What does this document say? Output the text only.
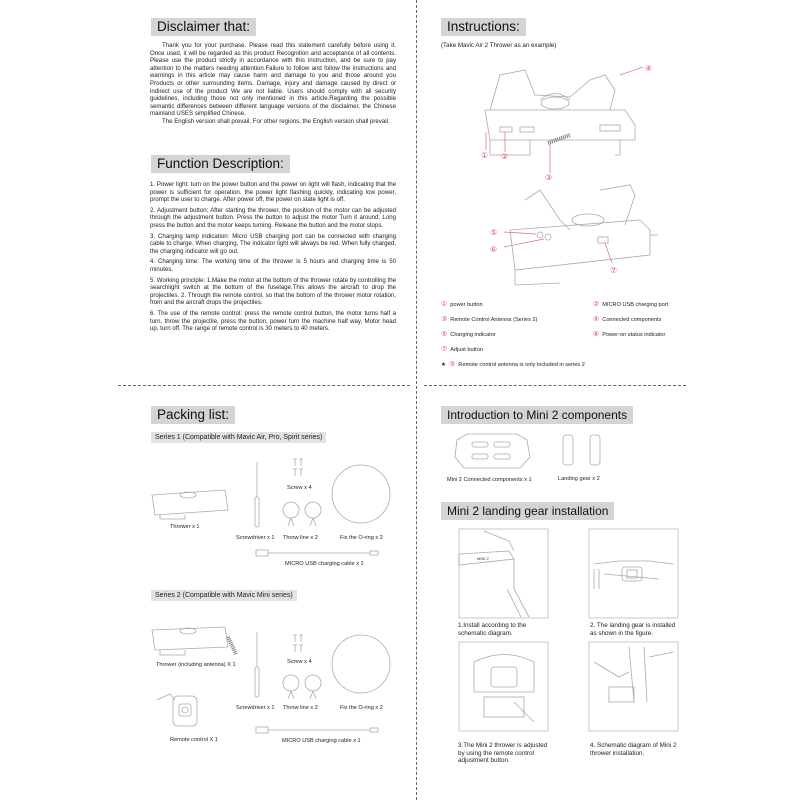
Disclaimer that:

Thank you for your purchase. Please read this statement carefully before using it. Once used, it will be regarded as this product Recognition and acceptance of all contents. Please use the product strictly in accordance with this instruction, and be sure to pay attention to the matters needing attention.Failure to follow and follow the instructions and warnings in this article may cause harm and damage to you and those around you Products or other surrounding items. Damage, injury and damage caused by direct or indirect use of the product We are not liable. Users should comply with all security guidelines, including those not only mentioned in this article.Regarding the possible semantic differences between different language versions of the disclaimer, the Chinese mainland USES simplified Chinese.

The English version shall prevail. For other regions, the English version shall prevail.

Function Description:

1. Power light: turn on the power button and the power on light will flash, indicating that the power is sufficient for operation. the power light flashing quickly, indicating low power, prompt the user to charge. After power off, the power on state light is off.

2. Adjustment button: After starting the thrower, the position of the motor can be adjusted through the adjustment button. Press the button to adjust the motor Turn it around; Long press the button and the motor keeps turning. Release the button and the motor stops.

3. Charging lamp indication: Micro USB charging port can be connected with charging cable to charge. When charging, The indicator light will always be red. When fully charged, the charging indicator will go out.

4. Charging time: The working time of the thrower is 5 hours and charging time is 50 minutes.

5. Working principle: 1.Make the motor at the bottom of the thrower rotate by controlling the searchlight switch at the bottom of the fuselage.This allows the aircraft to drop the projectiles. 2. Through the remote control, so that the bottom of the thrower motor rotation, from and the aircraft drops the projectiles.

6. The use of the remote control: press the remote control button, the motor turns half a turn, throw the projectile, press the button, power turn the machine half way, Motor head up, turn off. The range of remote control is 30 meters to 40 meters.

Instructions:
(Take Mavic Air 2 Thrower as an example)
④
① ②
③
⑤
⑥
⑦
① power button	② MICRO USB charging port
③ Remote Control Antenna (Series 2)	④ Connected components
⑤ Charging indicator	⑥ Power-on status indicator
⑦ Adjust button
★ ③ Remote control antenna is only included in series 2
Packing list:
Series 1 (Compatible with Mavic Air, Pro, Spirit series)
Thrower x 1
Screwdriver x 1
Screw x 4
Throw line x 2	Fix the O-ring x 2
MICRO USB charging cable x 1
Series 2 (Compatible with Mavic Mini series)
Thrower (including antenna) X 1
Screwdriver x 1
Screw x 4
Throw line x 2	Fix the O-ring x 2
Remote control X 1	MICRO USB charging cable x 1
Introduction to Mini 2 components
Mini 2 Connected components x 1	Landing gear x 2
Mini 2 landing gear installation
MINI 2
1.Install according to the schematic diagram.
2. The landing gear is installed as shown in the figure.
3.The Mini 2 thrower is adjusted by using the remote control adjustment button.
4. Schematic diagram of Mini 2 thrower installation.
